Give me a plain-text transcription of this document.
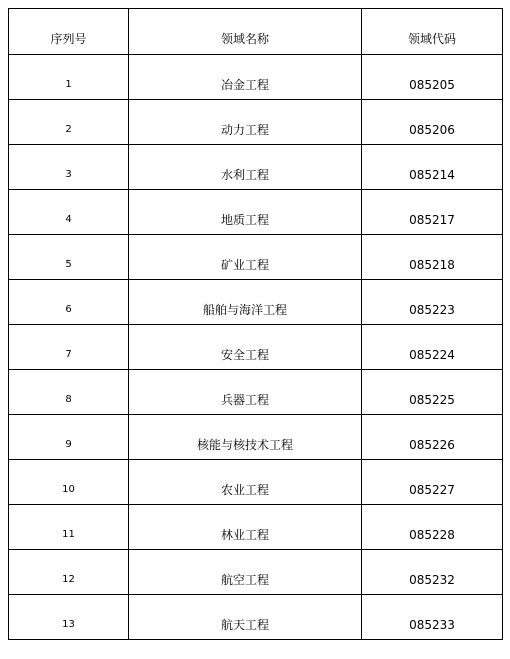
序列号	领域名称	领域代码
1	冶金工程	085205
2	动力工程	085206
3	水利工程	085214
4	地质工程	085217
5	矿业工程	085218
6	船舶与海洋工程	085223
7	安全工程	085224
8	兵器工程	085225
9	核能与核技术工程	085226
10	农业工程	085227
11	林业工程	085228
12	航空工程	085232
13	航天工程	085233
